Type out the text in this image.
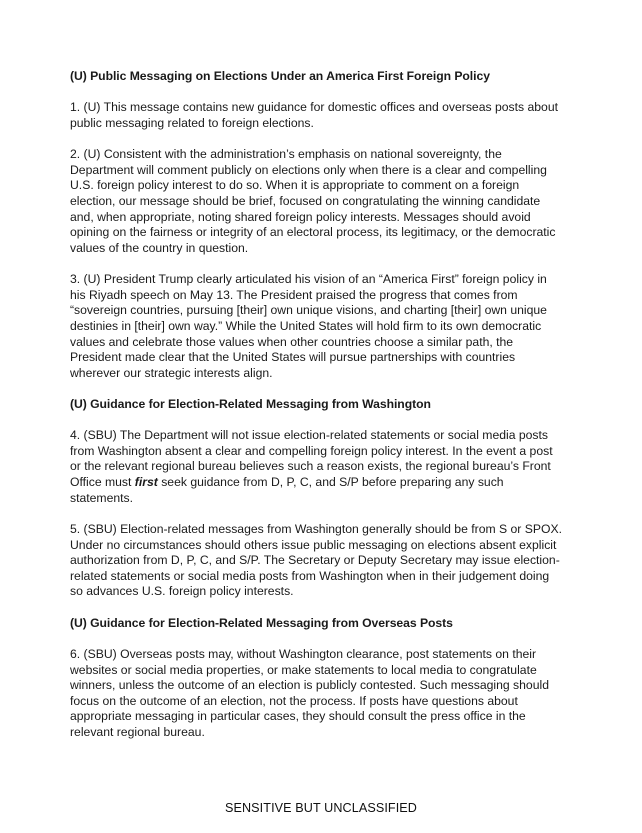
(U) Public Messaging on Elections Under an America First Foreign Policy

1. (U) This message contains new guidance for domestic offices and overseas posts about
public messaging related to foreign elections.

2. (U) Consistent with the administration’s emphasis on national sovereignty, the
Department will comment publicly on elections only when there is a clear and compelling
U.S. foreign policy interest to do so. When it is appropriate to comment on a foreign
election, our message should be brief, focused on congratulating the winning candidate
and, when appropriate, noting shared foreign policy interests. Messages should avoid
opining on the fairness or integrity of an electoral process, its legitimacy, or the democratic
values of the country in question.

3. (U) President Trump clearly articulated his vision of an “America First” foreign policy in
his Riyadh speech on May 13. The President praised the progress that comes from
“sovereign countries, pursuing [their] own unique visions, and charting [their] own unique
destinies in [their] own way.” While the United States will hold firm to its own democratic
values and celebrate those values when other countries choose a similar path, the
President made clear that the United States will pursue partnerships with countries
wherever our strategic interests align.

(U) Guidance for Election-Related Messaging from Washington

4. (SBU) The Department will not issue election-related statements or social media posts
from Washington absent a clear and compelling foreign policy interest. In the event a post
or the relevant regional bureau believes such a reason exists, the regional bureau’s Front
Office must first seek guidance from D, P, C, and S/P before preparing any such
statements.

5. (SBU) Election-related messages from Washington generally should be from S or SPOX.
Under no circumstances should others issue public messaging on elections absent explicit
authorization from D, P, C, and S/P. The Secretary or Deputy Secretary may issue election-
related statements or social media posts from Washington when in their judgement doing
so advances U.S. foreign policy interests.

(U) Guidance for Election-Related Messaging from Overseas Posts

6. (SBU) Overseas posts may, without Washington clearance, post statements on their
websites or social media properties, or make statements to local media to congratulate
winners, unless the outcome of an election is publicly contested. Such messaging should
focus on the outcome of an election, not the process. If posts have questions about
appropriate messaging in particular cases, they should consult the press office in the
relevant regional bureau.

SENSITIVE BUT UNCLASSIFIED
